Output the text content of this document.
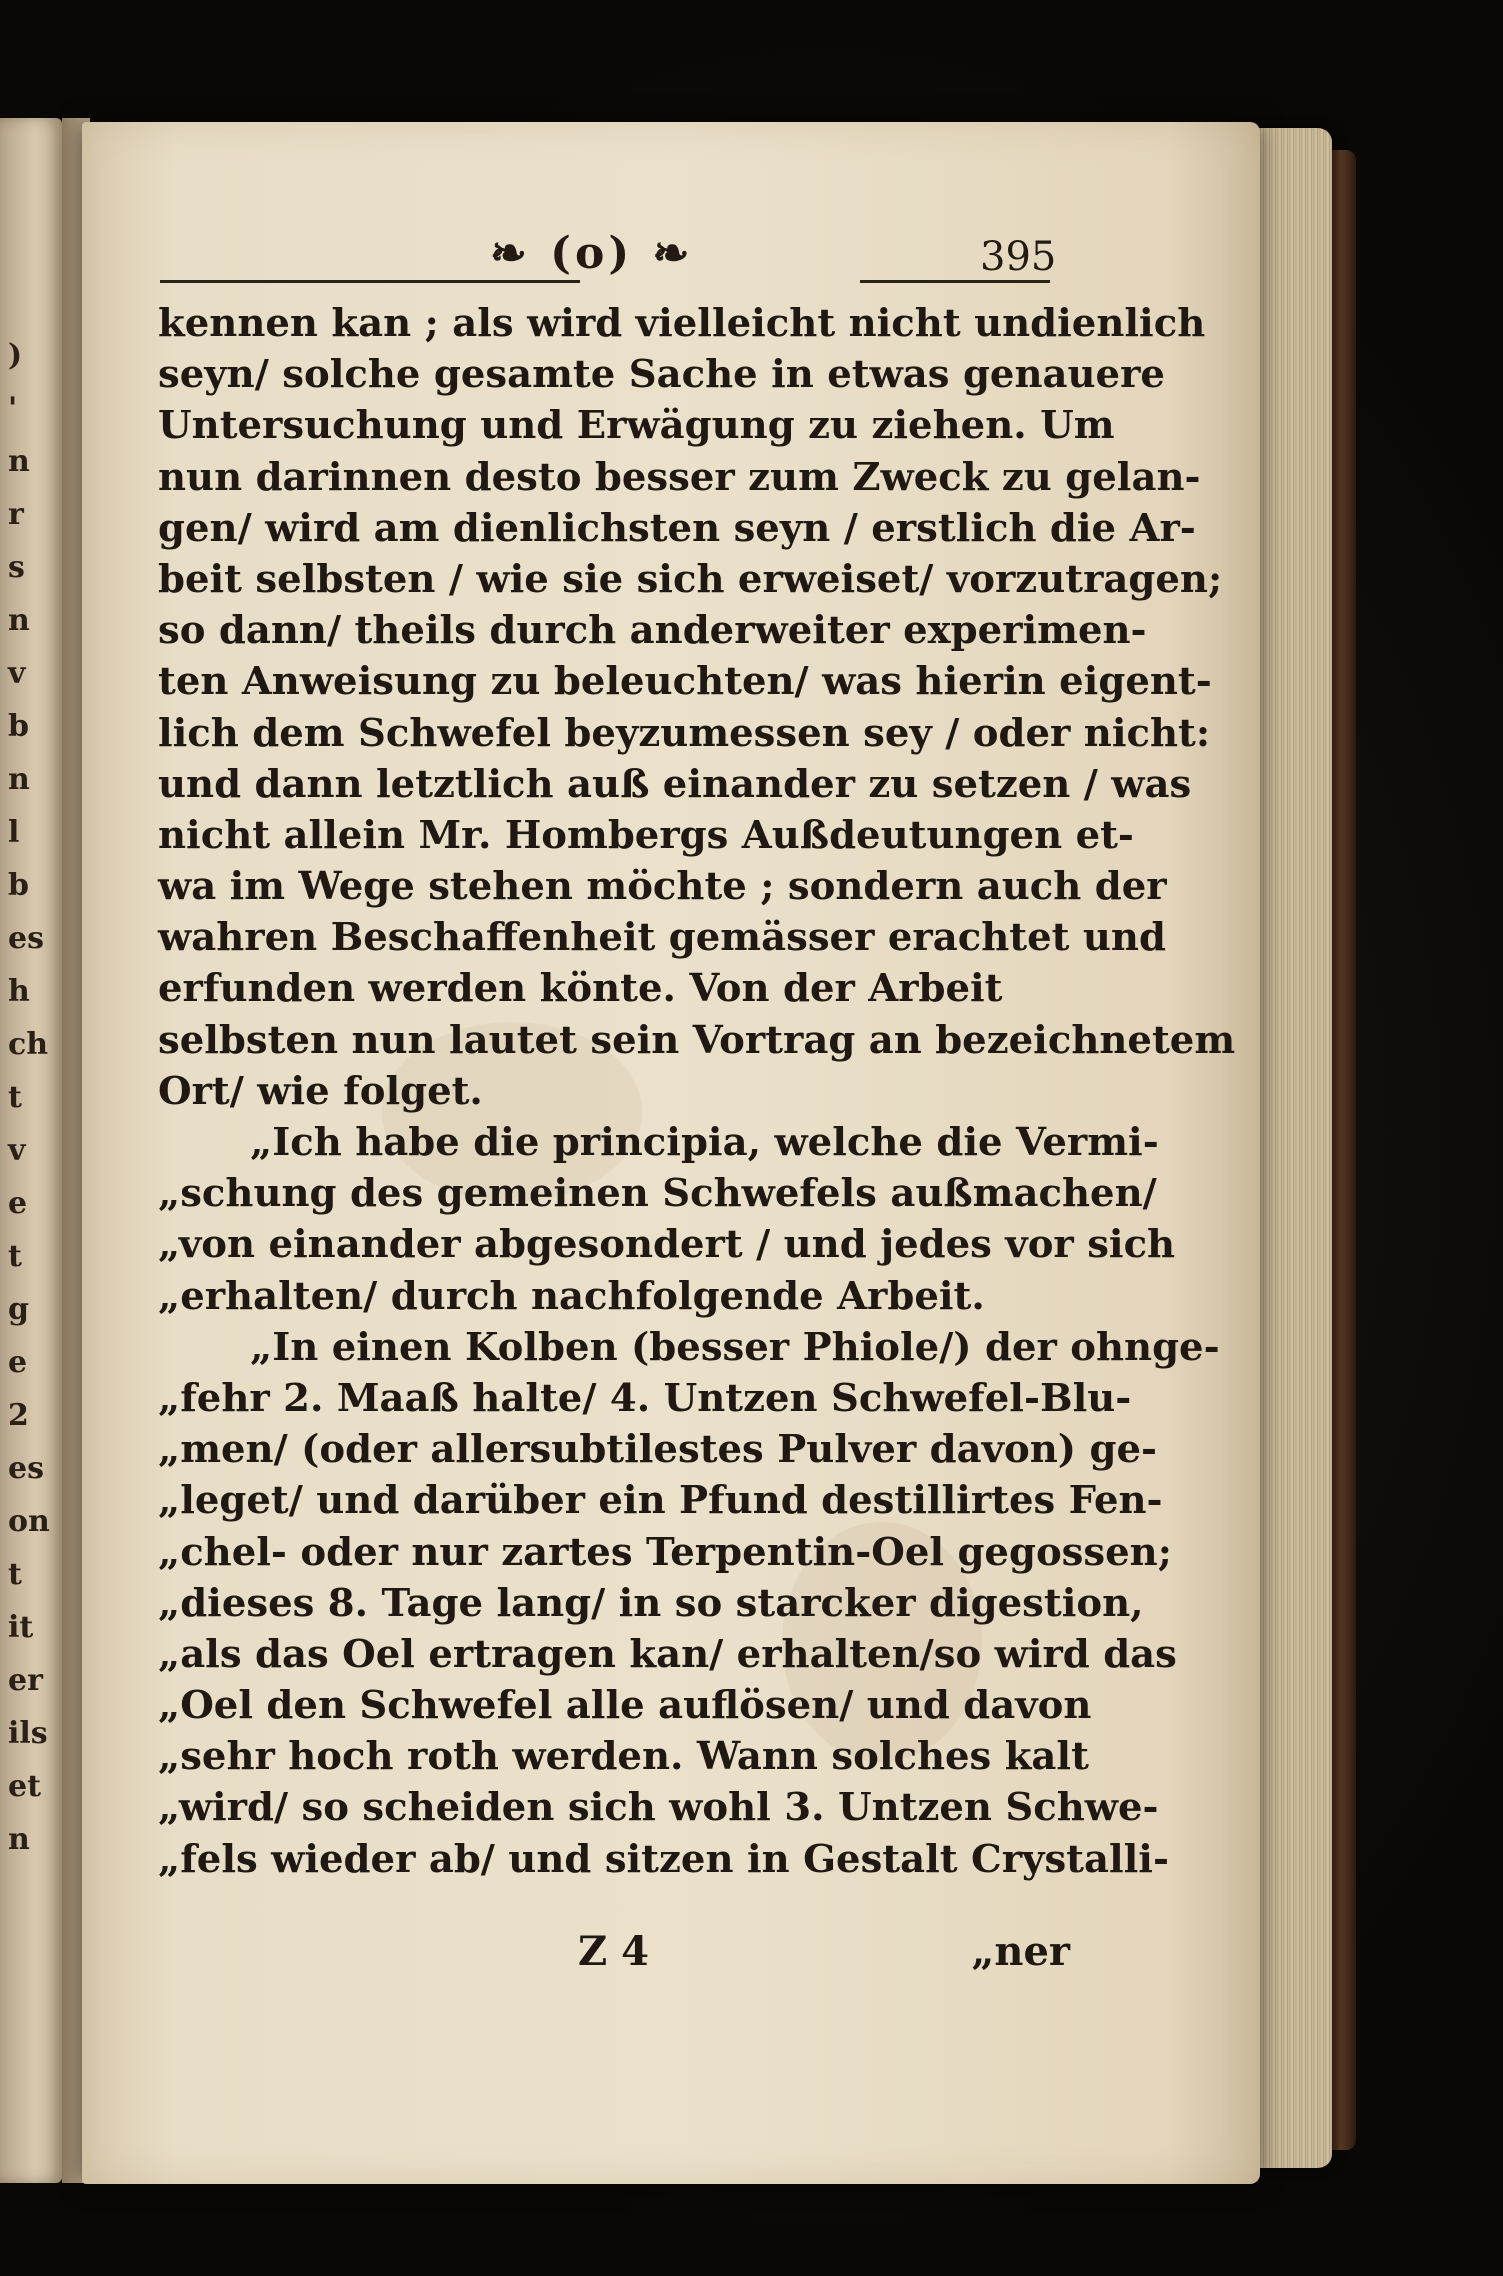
)
'
n
r
s
n
v
b
n
l
b
es
h
ch
t
v
e
t
g
e
2
es
on
t
it
er
ils
et
n
❧ (o) ❧	395
kennen kan ; als wird vielleicht nicht undienlich
seyn/ solche gesamte Sache in etwas genauere
Untersuchung und Erwägung zu ziehen. Um
nun darinnen desto besser zum Zweck zu gelan-
gen/ wird am dienlichsten seyn / erstlich die Ar-
beit selbsten / wie sie sich erweiset/ vorzutragen;
so dann/ theils durch anderweiter experimen-
ten Anweisung zu beleuchten/ was hierin eigent-
lich dem Schwefel beyzumessen sey / oder nicht:
und dann letztlich auß einander zu setzen / was
nicht allein Mr. Hombergs Außdeutungen et-
wa im Wege stehen möchte ; sondern auch der
wahren Beschaffenheit gemässer erachtet und
erfunden werden könte. Von der Arbeit
selbsten nun lautet sein Vortrag an bezeichnetem
Ort/ wie folget.
„Ich habe die principia, welche die Vermi-
„schung des gemeinen Schwefels außmachen/
„von einander abgesondert / und jedes vor sich
„erhalten/ durch nachfolgende Arbeit.
„In einen Kolben (besser Phiole/) der ohnge-
„fehr 2. Maaß halte/ 4. Untzen Schwefel-Blu-
„men/ (oder allersubtilestes Pulver davon) ge-
„leget/ und darüber ein Pfund destillirtes Fen-
„chel- oder nur zartes Terpentin-Oel gegossen;
„dieses 8. Tage lang/ in so starcker digestion,
„als das Oel ertragen kan/ erhalten/so wird das
„Oel den Schwefel alle auflösen/ und davon
„sehr hoch roth werden. Wann solches kalt
„wird/ so scheiden sich wohl 3. Untzen Schwe-
„fels wieder ab/ und sitzen in Gestalt Crystalli-
Z 4	„ner
